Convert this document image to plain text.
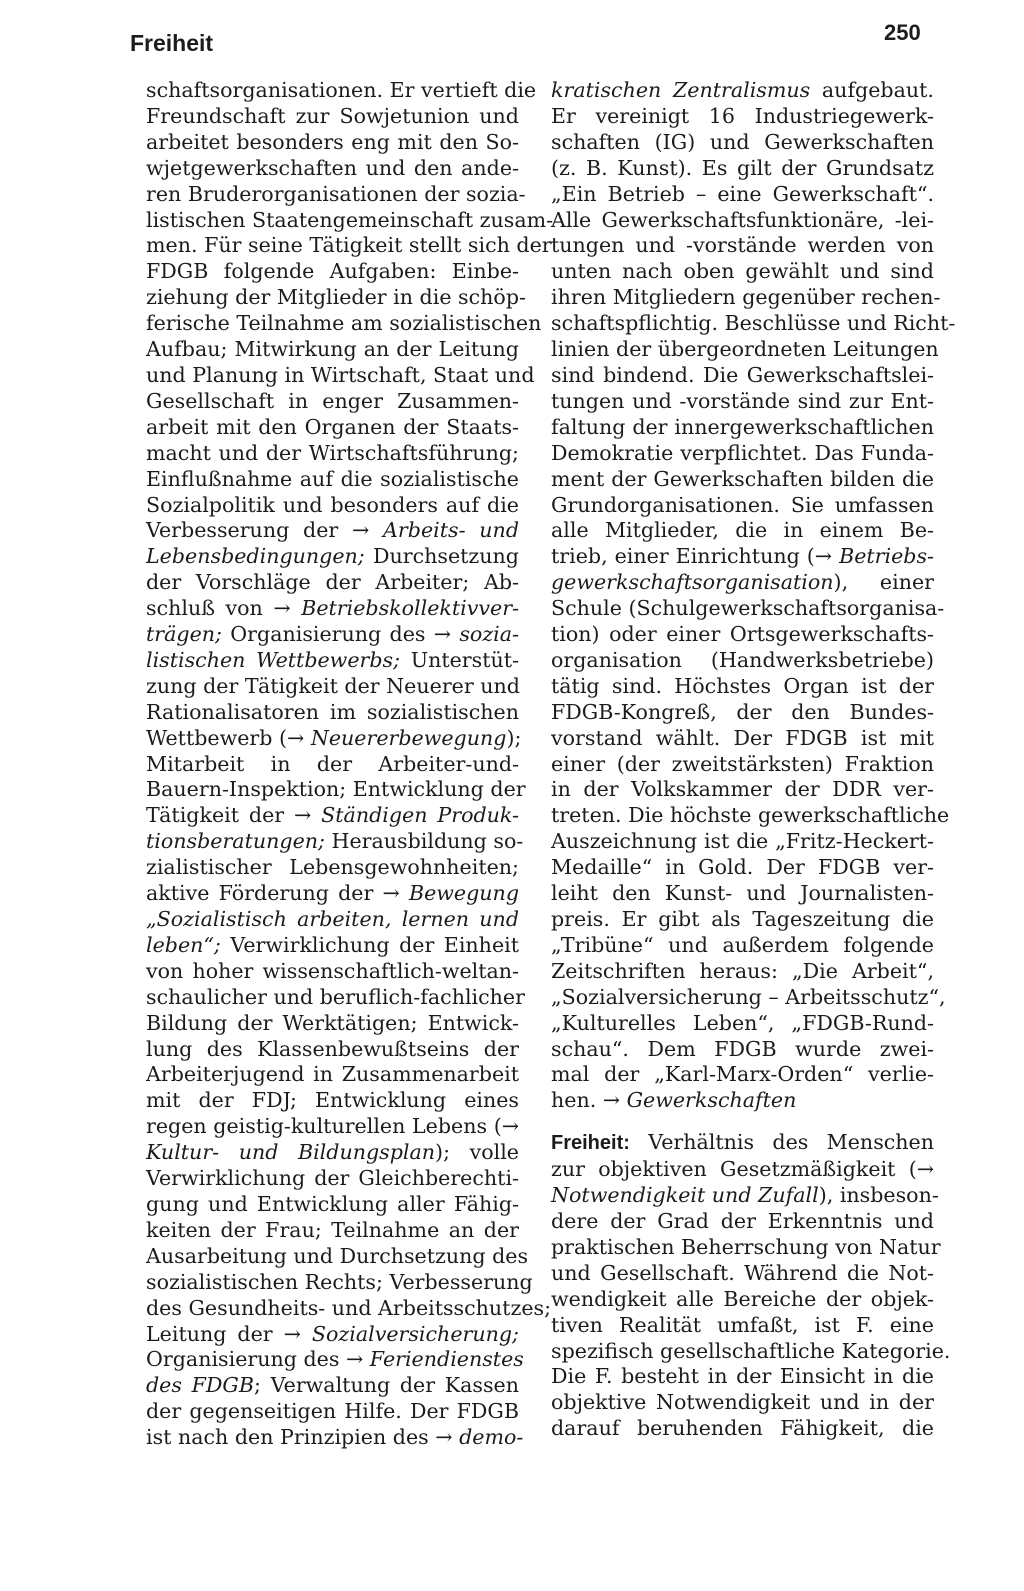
Freiheit	250
schaftsorganisationen. Er vertieft die
Freundschaft zur Sowjetunion und
arbeitet besonders eng mit den So-
wjetgewerkschaften und den ande-
ren Bruderorganisationen der sozia-
listischen Staatengemeinschaft zusam-
men. Für seine Tätigkeit stellt sich der
FDGB folgende Aufgaben: Einbe-
ziehung der Mitglieder in die schöp-
ferische Teilnahme am sozialistischen
Aufbau; Mitwirkung an der Leitung
und Planung in Wirtschaft, Staat und
Gesellschaft in enger Zusammen-
arbeit mit den Organen der Staats-
macht und der Wirtschaftsführung;
Einflußnahme auf die sozialistische
Sozialpolitik und besonders auf die
Verbesserung der → Arbeits- und
Lebensbedingungen; Durchsetzung
der Vorschläge der Arbeiter; Ab-
schluß von → Betriebskollektivver-
trägen; Organisierung des → sozia-
listischen Wettbewerbs; Unterstüt-
zung der Tätigkeit der Neuerer und
Rationalisatoren im sozialistischen
Wettbewerb (→ Neuererbewegung);
Mitarbeit in der Arbeiter-und-
Bauern-Inspektion; Entwicklung der
Tätigkeit der → Ständigen Produk-
tionsberatungen; Herausbildung so-
zialistischer Lebensgewohnheiten;
aktive Förderung der → Bewegung
„Sozialistisch arbeiten, lernen und
leben“; Verwirklichung der Einheit
von hoher wissenschaftlich-weltan-
schaulicher und beruflich-fachlicher
Bildung der Werktätigen; Entwick-
lung des Klassenbewußtseins der
Arbeiterjugend in Zusammenarbeit
mit der FDJ; Entwicklung eines
regen geistig-kulturellen Lebens (→
Kultur- und Bildungsplan); volle
Verwirklichung der Gleichberechti-
gung und Entwicklung aller Fähig-
keiten der Frau; Teilnahme an der
Ausarbeitung und Durchsetzung des
sozialistischen Rechts; Verbesserung
des Gesundheits- und Arbeitsschutzes;
Leitung der → Sozialversicherung;
Organisierung des → Feriendienstes
des FDGB; Verwaltung der Kassen
der gegenseitigen Hilfe. Der FDGB
ist nach den Prinzipien des → demo-
kratischen Zentralismus aufgebaut.
Er vereinigt 16 Industriegewerk-
schaften (IG) und Gewerkschaften
(z. B. Kunst). Es gilt der Grundsatz
„Ein Betrieb – eine Gewerkschaft“.
Alle Gewerkschaftsfunktionäre, -lei-
tungen und -vorstände werden von
unten nach oben gewählt und sind
ihren Mitgliedern gegenüber rechen-
schaftspflichtig. Beschlüsse und Richt-
linien der übergeordneten Leitungen
sind bindend. Die Gewerkschaftslei-
tungen und -vorstände sind zur Ent-
faltung der innergewerkschaftlichen
Demokratie verpflichtet. Das Funda-
ment der Gewerkschaften bilden die
Grundorganisationen. Sie umfassen
alle Mitglieder, die in einem Be-
trieb, einer Einrichtung (→ Betriebs-
gewerkschaftsorganisation), einer
Schule (Schulgewerkschaftsorganisa-
tion) oder einer Ortsgewerkschafts-
organisation (Handwerksbetriebe)
tätig sind. Höchstes Organ ist der
FDGB-Kongreß, der den Bundes-
vorstand wählt. Der FDGB ist mit
einer (der zweitstärksten) Fraktion
in der Volkskammer der DDR ver-
treten. Die höchste gewerkschaftliche
Auszeichnung ist die „Fritz-Heckert-
Medaille“ in Gold. Der FDGB ver-
leiht den Kunst- und Journalisten-
preis. Er gibt als Tageszeitung die
„Tribüne“ und außerdem folgende
Zeitschriften heraus: „Die Arbeit“,
„Sozialversicherung – Arbeitsschutz“,
„Kulturelles Leben“, „FDGB-Rund-
schau“. Dem FDGB wurde zwei-
mal der „Karl-Marx-Orden“ verlie-
hen. → Gewerkschaften
Freiheit: Verhältnis des Menschen
zur objektiven Gesetzmäßigkeit (→
Notwendigkeit und Zufall), insbeson-
dere der Grad der Erkenntnis und
praktischen Beherrschung von Natur
und Gesellschaft. Während die Not-
wendigkeit alle Bereiche der objek-
tiven Realität umfaßt, ist F. eine
spezifisch gesellschaftliche Kategorie.
Die F. besteht in der Einsicht in die
objektive Notwendigkeit und in der
darauf beruhenden Fähigkeit, die
